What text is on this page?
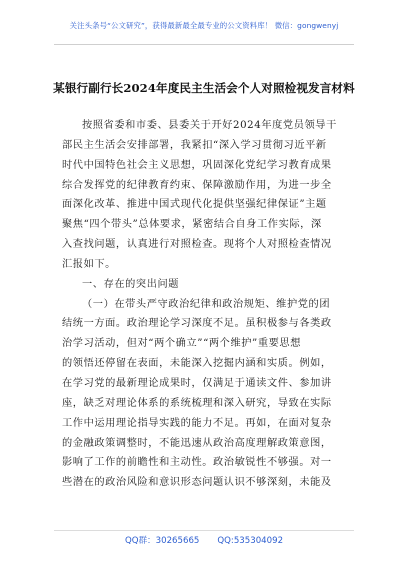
关注头条号“公文研究”，获得最新最全最专业的公文资料库！ 微信：gongwenyj
某银行副行长2024年度民主生活会个人对照检视发言材料
按照省委和市委、县委关于开好2024年度党员领导干
部民主生活会安排部署，我紧扣“深入学习贯彻习近平新
时代中国特色社会主义思想，巩固深化党纪学习教育成果
综合发挥党的纪律教育约束、保障激励作用，为进一步全
面深化改革、推进中国式现代化提供坚强纪律保证”主题
聚焦“四个带头”总体要求，紧密结合自身工作实际，深
入查找问题，认真进行对照检查。现将个人对照检查情况
汇报如下。
一、存在的突出问题
（一）在带头严守政治纪律和政治规矩、维护党的团
结统一方面。政治理论学习深度不足。虽积极参与各类政
治学习活动，但对“两个确立”“两个维护”重要思想
的领悟还停留在表面，未能深入挖掘内涵和实质。例如，
在学习党的最新理论成果时，仅满足于通读文件、参加讲
座，缺乏对理论体系的系统梳理和深入研究，导致在实际
工作中运用理论指导实践的能力不足。再如，在面对复杂
的金融政策调整时，不能迅速从政治高度理解政策意图，
影响了工作的前瞻性和主动性。政治敏锐性不够强。对一
些潜在的政治风险和意识形态问题认识不够深刻，未能及
QQ群：30265665 QQ:535304092
